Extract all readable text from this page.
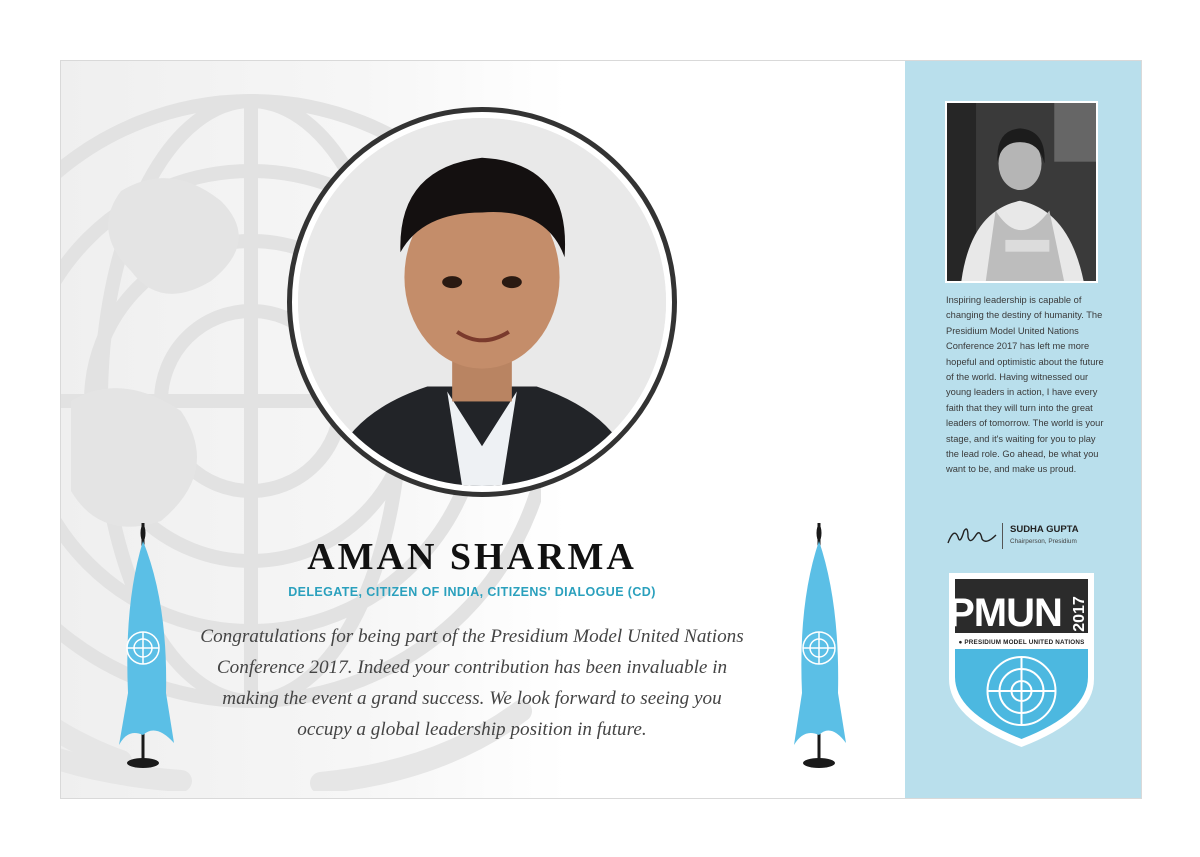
AMAN SHARMA
DELEGATE, CITIZEN OF INDIA, CITIZENS' DIALOGUE (CD)
Congratulations for being part of the Presidium Model United Nations Conference 2017. Indeed your contribution has been invaluable in making the event a grand success. We look forward to seeing you occupy a global leadership position in future.
Inspiring leadership is capable of changing the destiny of humanity. The Presidium Model United Nations Conference 2017 has left me more hopeful and optimistic about the future of the world. Having witnessed our young leaders in action, I have every faith that they will turn into the great leaders of tomorrow. The world is your stage, and it's waiting for you to play the lead role. Go ahead, be what you want to be, and make us proud.
SUDHA GUPTA
Chairperson, Presidium
PMUN 2017
● PRESIDIUM MODEL UNITED NATIONS
